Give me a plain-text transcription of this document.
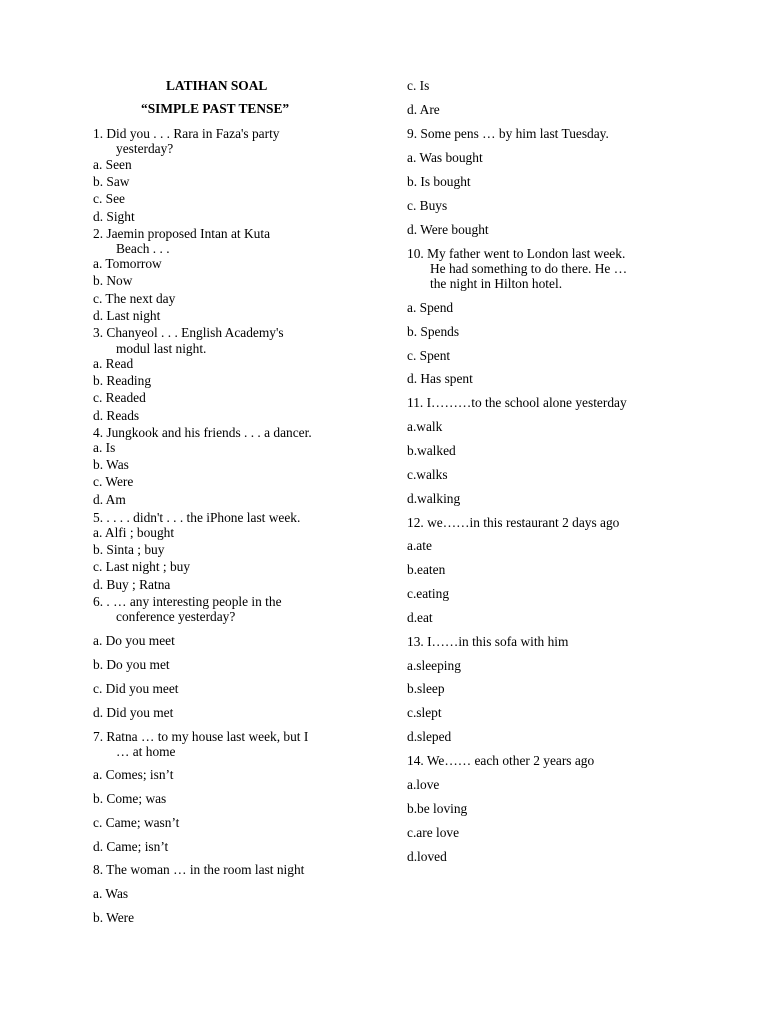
LATIHAN SOAL
“SIMPLE PAST TENSE”
1. Did you . . . Rara in Faza's party
yesterday?
a. Seen
b. Saw
c. See
d. Sight
2. Jaemin proposed Intan at Kuta
Beach . . .
a. Tomorrow
b. Now
c. The next day
d. Last night
3. Chanyeol . . . English Academy's
modul last night.
a. Read
b. Reading
c. Readed
d. Reads
4. Jungkook and his friends . . . a dancer.
a. Is
b. Was
c. Were
d. Am
5. . . . . didn't . . . the iPhone last week.
a. Alfi ; bought
b. Sinta ; buy
c. Last night ; buy
d. Buy ; Ratna
6. . … any interesting people in the
conference yesterday?
a. Do you meet
b. Do you met
c. Did you meet
d. Did you met
7. Ratna … to my house last week, but I
… at home
a. Comes; isn’t
b. Come; was
c. Came; wasn’t
d. Came; isn’t
8. The woman … in the room last night
a. Was
b. Were
c. Is
d. Are
9. Some pens … by him last Tuesday.
a. Was bought
b. Is bought
c. Buys
d. Were bought
10. My father went to London last week.
He had something to do there. He …
the night in Hilton hotel.
a. Spend
b. Spends
c. Spent
d. Has spent
11. I………to the school alone yesterday
a.walk
b.walked
c.walks
d.walking
12. we……in this restaurant 2 days ago
a.ate
b.eaten
c.eating
d.eat
13. I……in this sofa with him
a.sleeping
b.sleep
c.slept
d.sleped
14. We…… each other 2 years ago
a.love
b.be loving
c.are love
d.loved
